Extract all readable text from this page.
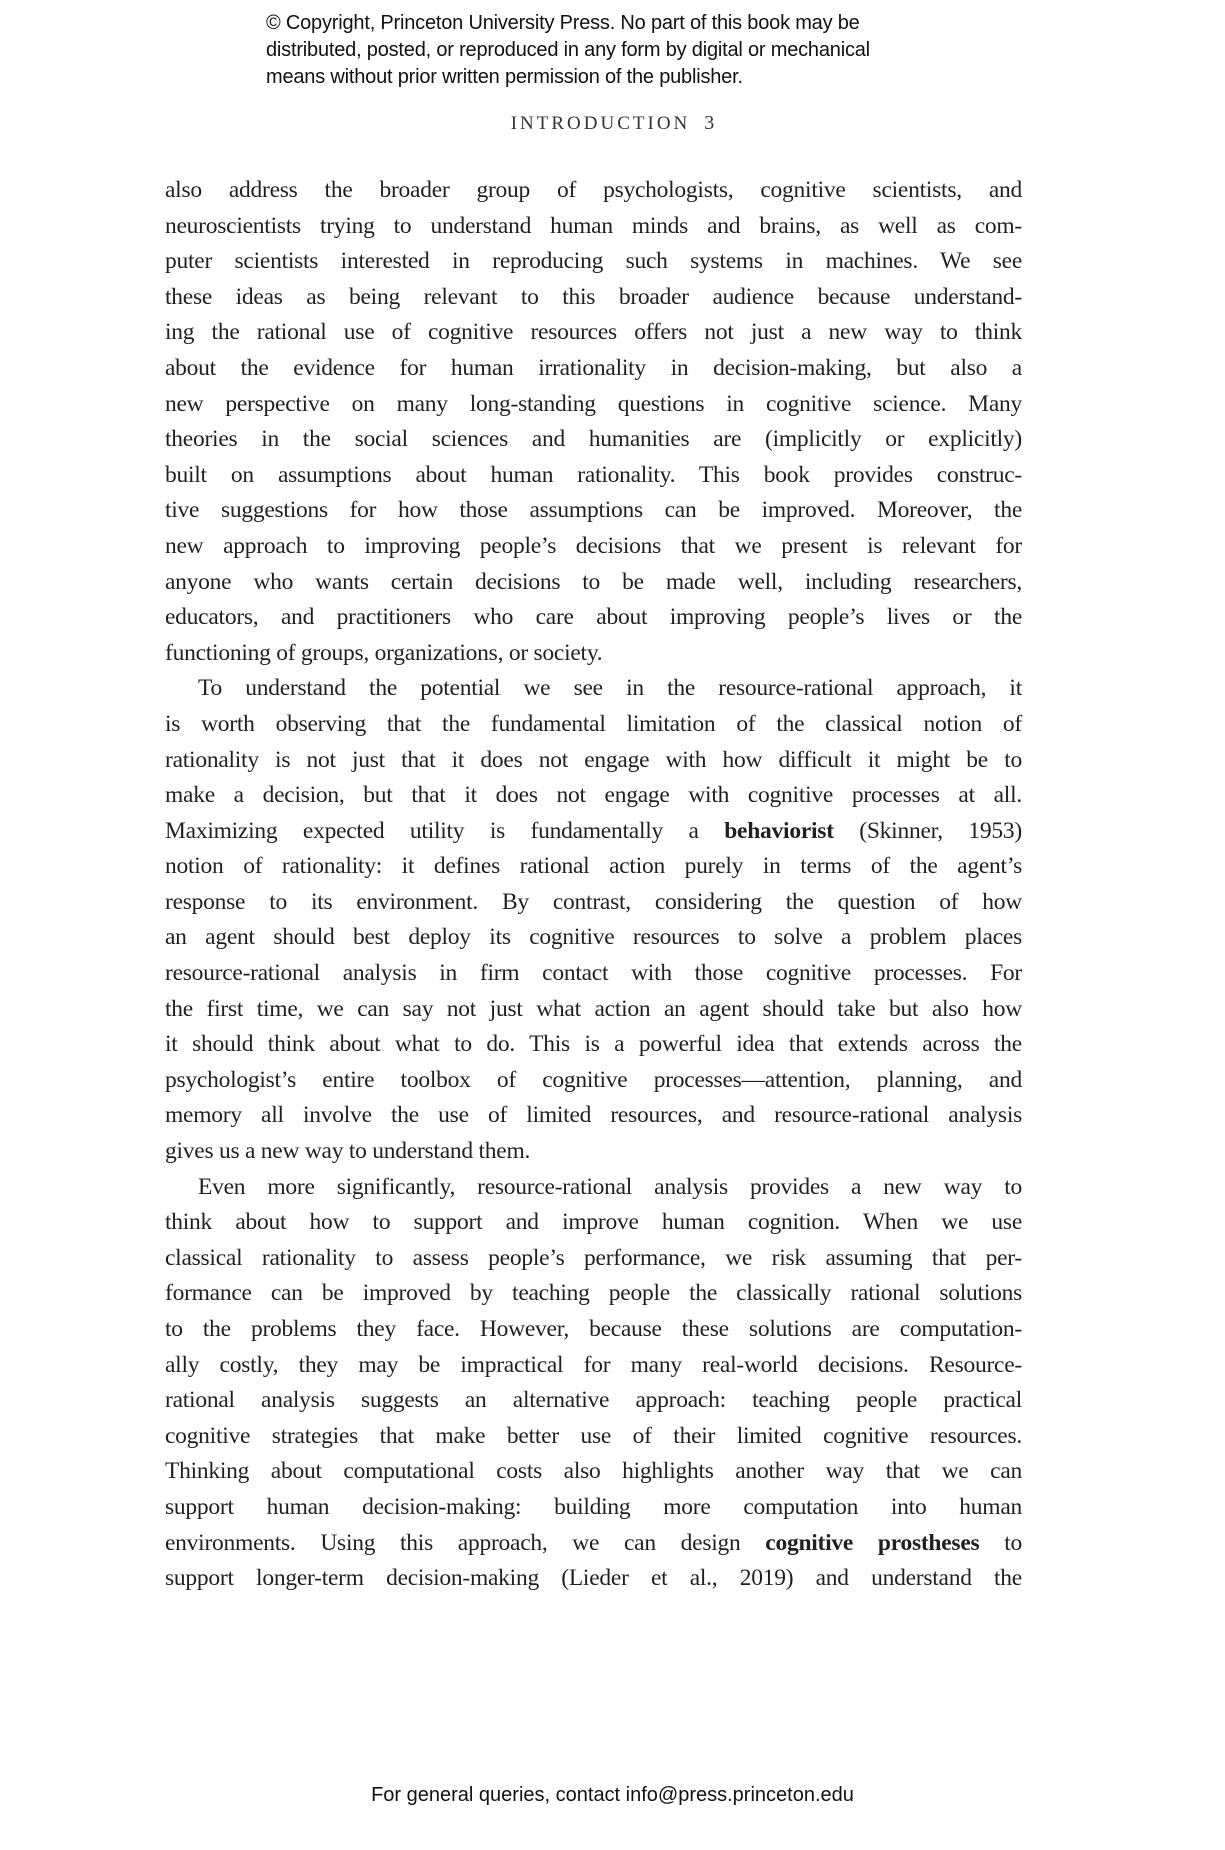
© Copyright, Princeton University Press. No part of this book may be
distributed, posted, or reproduced in any form by digital or mechanical
means without prior written permission of the publisher.
INTRODUCTION 3
also address the broader group of psychologists, cognitive scientists, and
neuroscientists trying to understand human minds and brains, as well as com-
puter scientists interested in reproducing such systems in machines. We see
these ideas as being relevant to this broader audience because understand-
ing the rational use of cognitive resources offers not just a new way to think
about the evidence for human irrationality in decision-making, but also a
new perspective on many long-standing questions in cognitive science. Many
theories in the social sciences and humanities are (implicitly or explicitly)
built on assumptions about human rationality. This book provides construc-
tive suggestions for how those assumptions can be improved. Moreover, the
new approach to improving people’s decisions that we present is relevant for
anyone who wants certain decisions to be made well, including researchers,
educators, and practitioners who care about improving people’s lives or the
functioning of groups, organizations, or society.
To understand the potential we see in the resource-rational approach, it
is worth observing that the fundamental limitation of the classical notion of
rationality is not just that it does not engage with how difficult it might be to
make a decision, but that it does not engage with cognitive processes at all.
Maximizing expected utility is fundamentally a behaviorist (Skinner, 1953)
notion of rationality: it defines rational action purely in terms of the agent’s
response to its environment. By contrast, considering the question of how
an agent should best deploy its cognitive resources to solve a problem places
resource-rational analysis in firm contact with those cognitive processes. For
the first time, we can say not just what action an agent should take but also how
it should think about what to do. This is a powerful idea that extends across the
psychologist’s entire toolbox of cognitive processes—attention, planning, and
memory all involve the use of limited resources, and resource-rational analysis
gives us a new way to understand them.
Even more significantly, resource-rational analysis provides a new way to
think about how to support and improve human cognition. When we use
classical rationality to assess people’s performance, we risk assuming that per-
formance can be improved by teaching people the classically rational solutions
to the problems they face. However, because these solutions are computation-
ally costly, they may be impractical for many real-world decisions. Resource-
rational analysis suggests an alternative approach: teaching people practical
cognitive strategies that make better use of their limited cognitive resources.
Thinking about computational costs also highlights another way that we can
support human decision-making: building more computation into human
environments. Using this approach, we can design cognitive prostheses to
support longer-term decision-making (Lieder et al., 2019) and understand the
For general queries, contact info@press.princeton.edu
